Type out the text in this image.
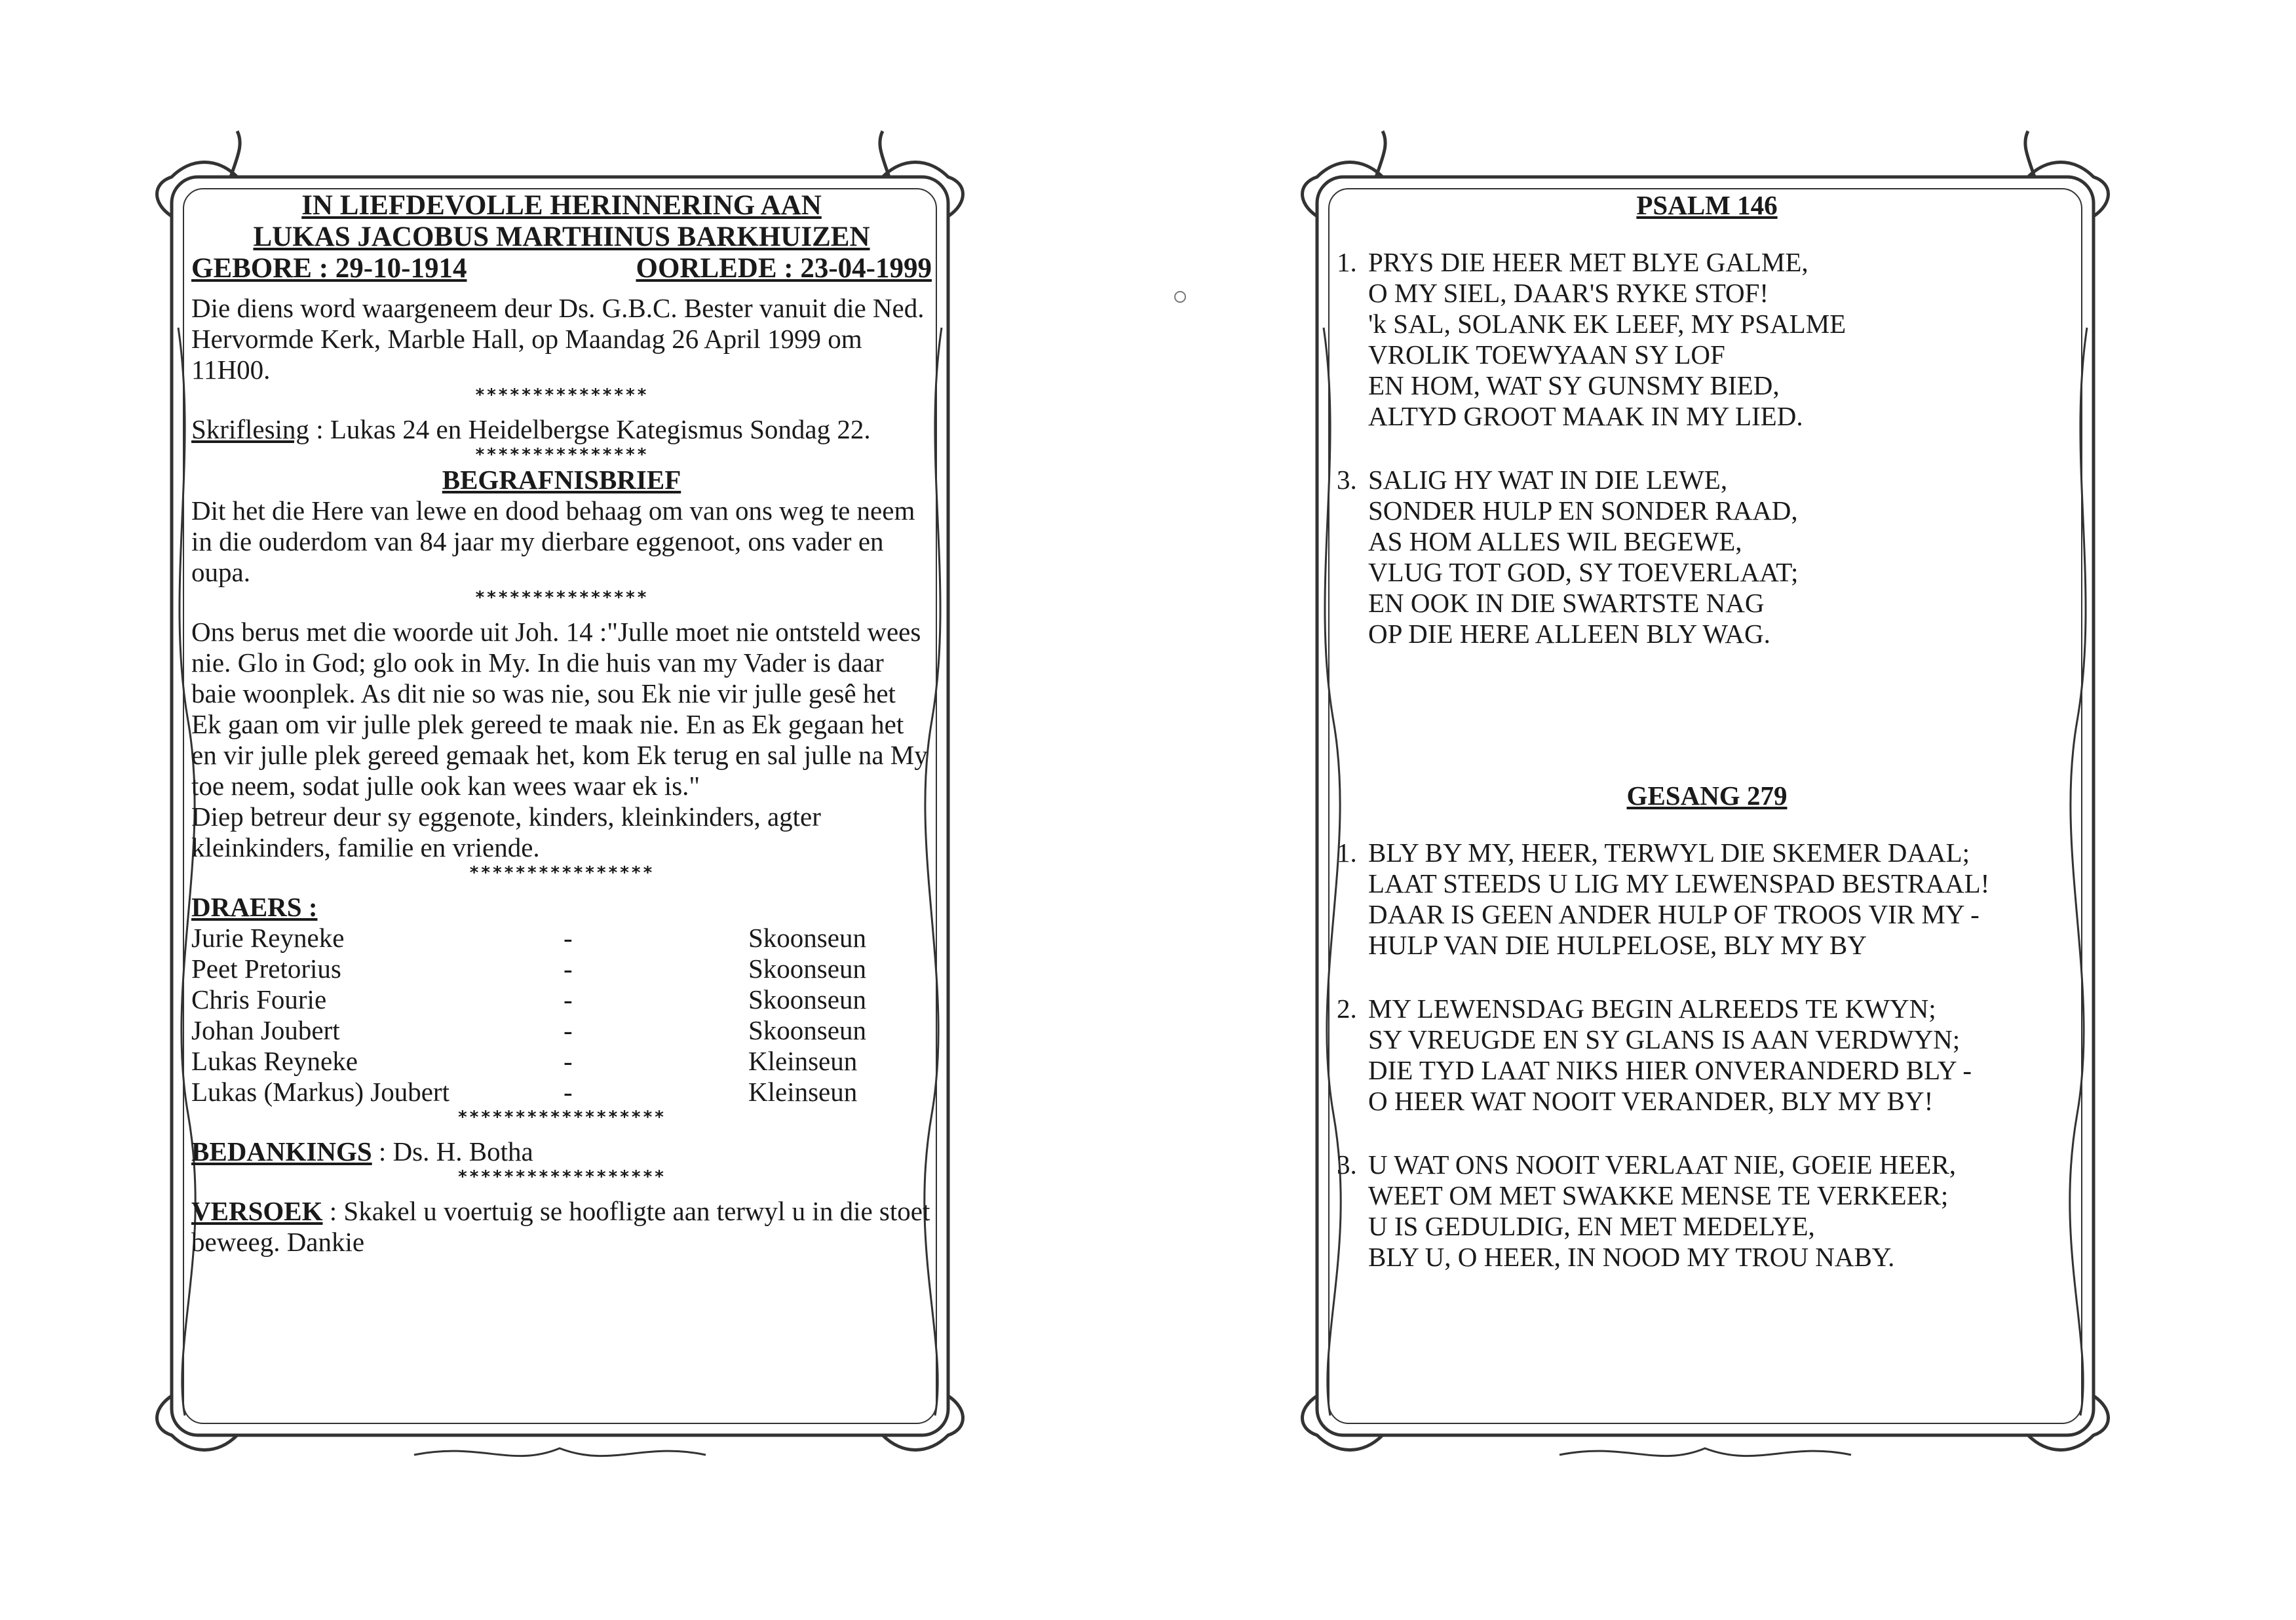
IN LIEFDEVOLLE HERINNERING AAN
LUKAS JACOBUS MARTHINUS BARKHUIZEN
GEBORE : 29-10-1914	OORLEDE : 23-04-1999
Die diens word waargeneem deur Ds. G.B.C. Bester vanuit die Ned. Hervormde Kerk, Marble Hall, op Maandag 26 April 1999 om 11H00.
***************
Skriflesing : Lukas 24 en Heidelbergse Kategismus Sondag 22.
***************
BEGRAFNISBRIEF
Dit het die Here van lewe en dood behaag om van ons weg te neem in die ouderdom van 84 jaar my dierbare eggenoot, ons vader en oupa.
***************
Ons berus met die woorde uit Joh. 14 :"Julle moet nie ontsteld wees nie. Glo in God; glo ook in My. In die huis van my Vader is daar baie woonplek. As dit nie so was nie, sou Ek nie vir julle gesê het Ek gaan om vir julle plek gereed te maak nie. En as Ek gegaan het en vir julle plek gereed gemaak het, kom Ek terug en sal julle na My toe neem, sodat julle ook kan wees waar ek is."
Diep betreur deur sy eggenote, kinders, kleinkinders, agter kleinkinders, familie en vriende.
****************
DRAERS :
Jurie Reyneke	-	Skoonseun
Peet Pretorius	-	Skoonseun
Chris Fourie	-	Skoonseun
Johan Joubert	-	Skoonseun
Lukas Reyneke	-	Kleinseun
Lukas (Markus) Joubert	-	Kleinseun
******************
BEDANKINGS : Ds. H. Botha
******************
VERSOEK : Skakel u voertuig se hoofligte aan terwyl u in die stoet beweeg. Dankie
PSALM 146
1. PRYS DIE HEER MET BLYE GALME,
O MY SIEL, DAAR'S RYKE STOF!
'k SAL, SOLANK EK LEEF, MY PSALME
VROLIK TOEWYAAN SY LOF
EN HOM, WAT SY GUNSMY BIED,
ALTYD GROOT MAAK IN MY LIED.
3. SALIG HY WAT IN DIE LEWE,
SONDER HULP EN SONDER RAAD,
AS HOM ALLES WIL BEGEWE,
VLUG TOT GOD, SY TOEVERLAAT;
EN OOK IN DIE SWARTSTE NAG
OP DIE HERE ALLEEN BLY WAG.
GESANG 279
1. BLY BY MY, HEER, TERWYL DIE SKEMER DAAL;
LAAT STEEDS U LIG MY LEWENSPAD BESTRAAL!
DAAR IS GEEN ANDER HULP OF TROOS VIR MY -
HULP VAN DIE HULPELOSE, BLY MY BY
2. MY LEWENSDAG BEGIN ALREEDS TE KWYN;
SY VREUGDE EN SY GLANS IS AAN VERDWYN;
DIE TYD LAAT NIKS HIER ONVERANDERD BLY -
O HEER WAT NOOIT VERANDER, BLY MY BY!
3. U WAT ONS NOOIT VERLAAT NIE, GOEIE HEER,
WEET OM MET SWAKKE MENSE TE VERKEER;
U IS GEDULDIG, EN MET MEDELYE,
BLY U, O HEER, IN NOOD MY TROU NABY.
